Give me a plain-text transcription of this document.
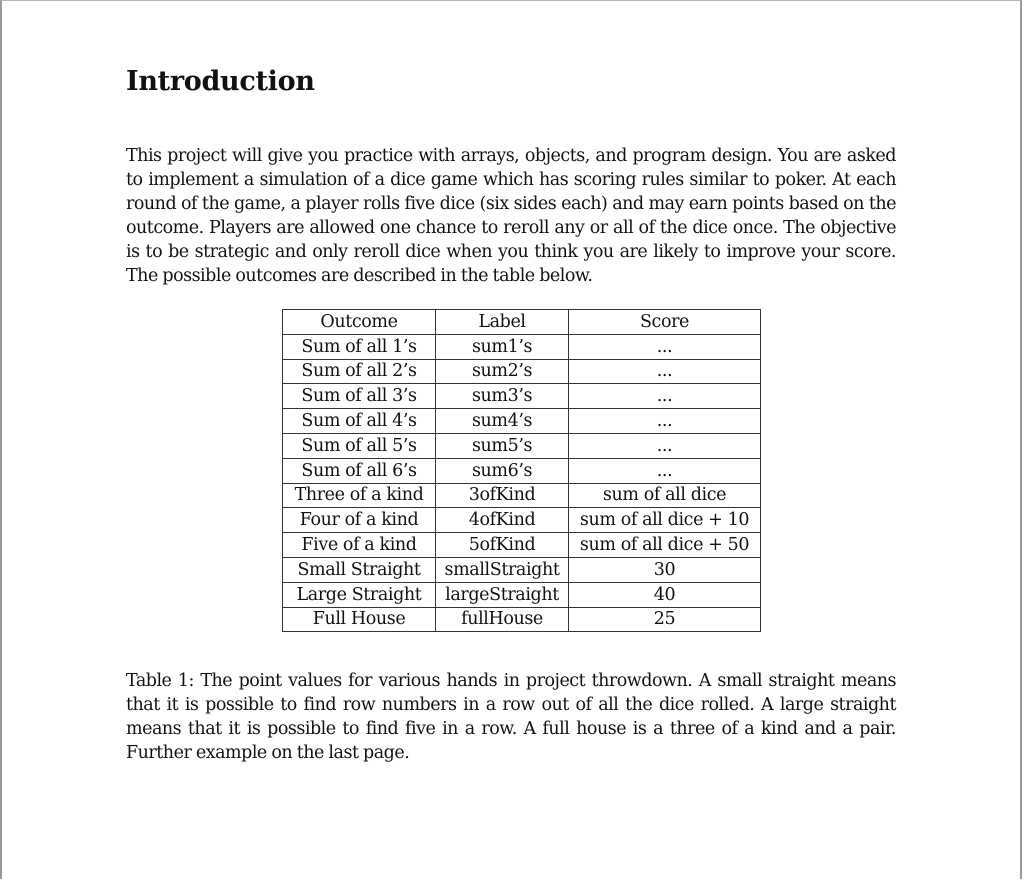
Introduction

This project will give you practice with arrays, objects, and program design. You are asked to implement a simulation of a dice game which has scoring rules similar to poker. At each round of the game, a player rolls five dice (six sides each) and may earn points based on the outcome. Players are allowed one chance to reroll any or all of the dice once. The objective is to be strategic and only reroll dice when you think you are likely to improve your score. The possible outcomes are described in the table below.

Outcome	Label	Score
Sum of all 1’s	sum1’s	...
Sum of all 2’s	sum2’s	...
Sum of all 3’s	sum3’s	...
Sum of all 4’s	sum4’s	...
Sum of all 5’s	sum5’s	...
Sum of all 6’s	sum6’s	...
Three of a kind	3ofKind	sum of all dice
Four of a kind	4ofKind	sum of all dice + 10
Five of a kind	5ofKind	sum of all dice + 50
Small Straight	smallStraight	30
Large Straight	largeStraight	40
Full House	fullHouse	25

Table 1: The point values for various hands in project throwdown. A small straight means that it is possible to find row numbers in a row out of all the dice rolled. A large straight means that it is possible to find five in a row. A full house is a three of a kind and a pair. Further example on the last page.
